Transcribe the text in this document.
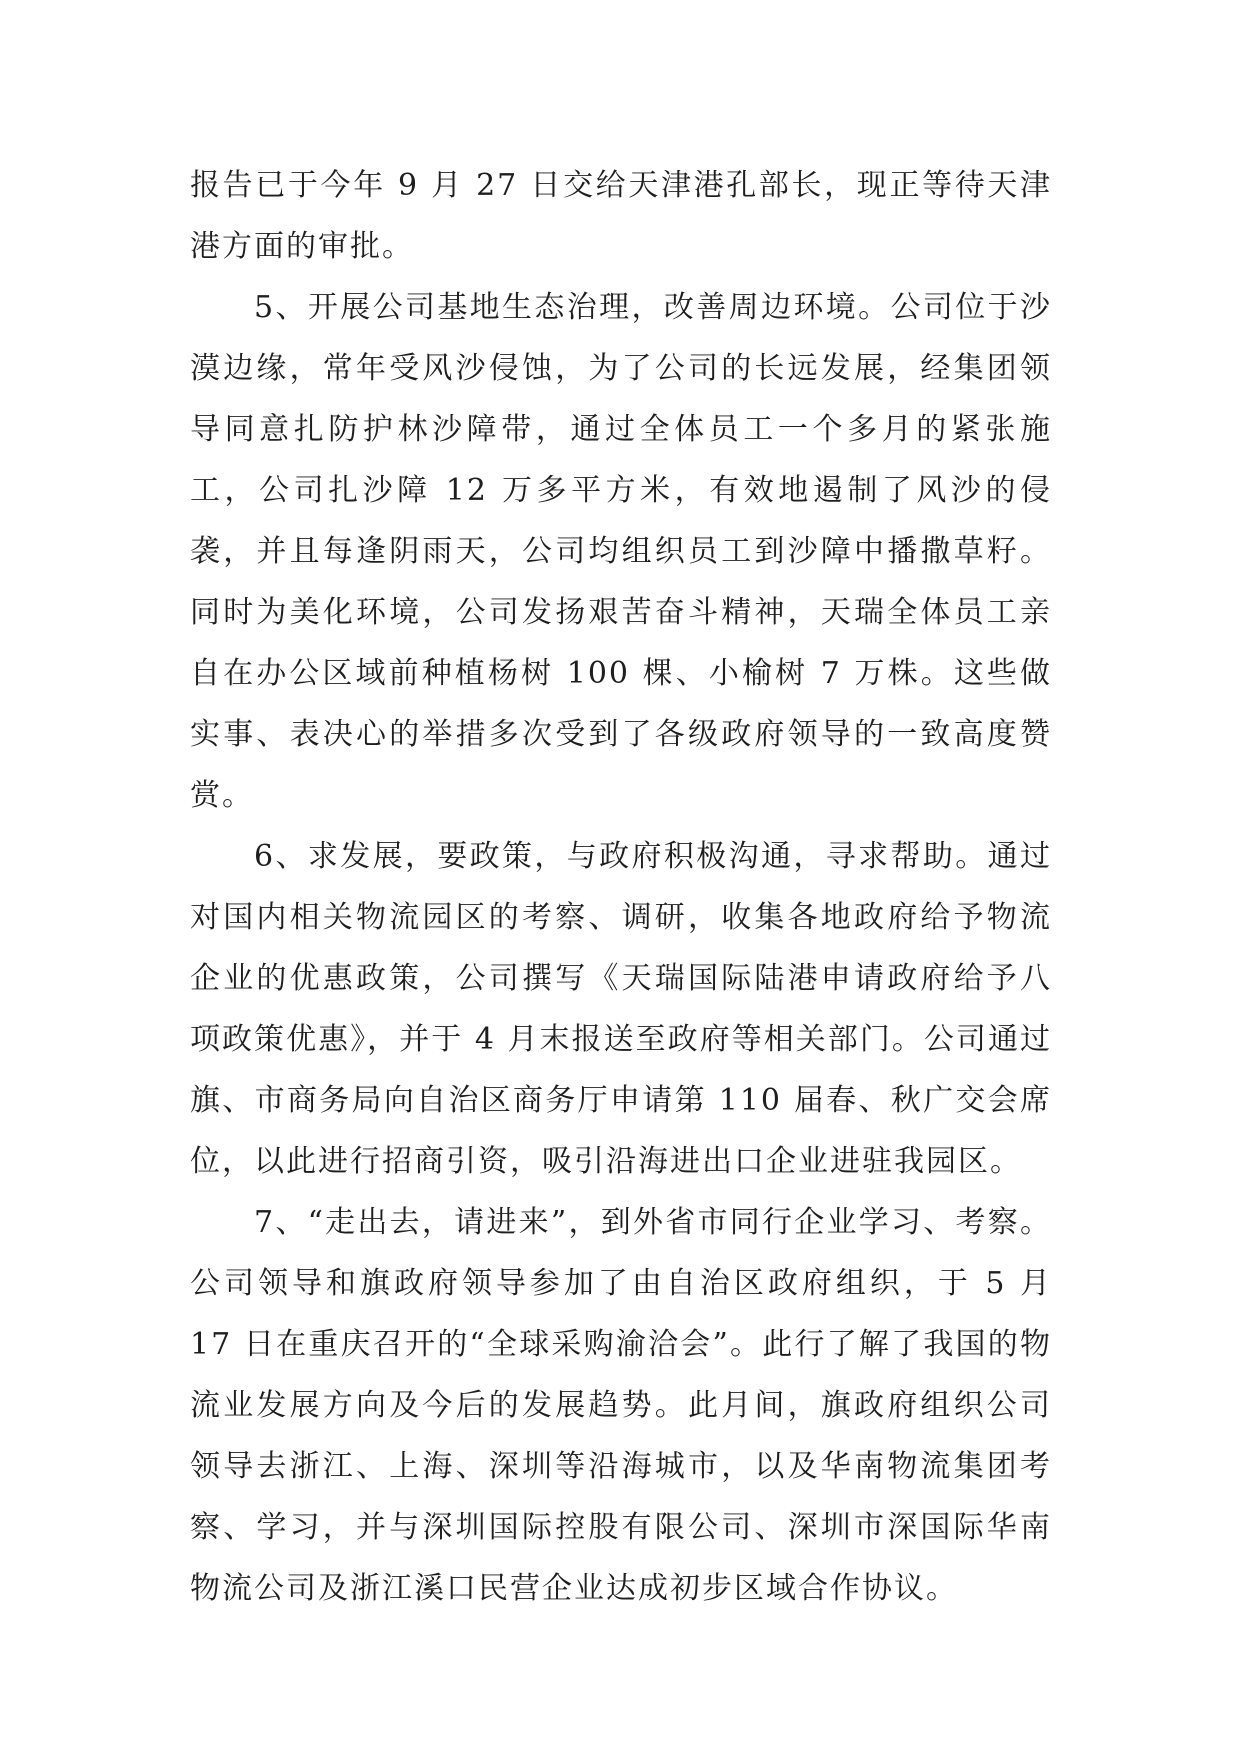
报告已于今年 9 月 27 日交给天津港孔部长，现正等待天津港方面的审批。

5、开展公司基地生态治理，改善周边环境。公司位于沙漠边缘，常年受风沙侵蚀，为了公司的长远发展，经集团领导同意扎防护林沙障带，通过全体员工一个多月的紧张施工，公司扎沙障 12 万多平方米，有效地遏制了风沙的侵袭，并且每逢阴雨天，公司均组织员工到沙障中播撒草籽。同时为美化环境，公司发扬艰苦奋斗精神，天瑞全体员工亲自在办公区域前种植杨树 100 棵、小榆树 7 万株。这些做实事、表决心的举措多次受到了各级政府领导的一致高度赞赏。

6、求发展，要政策，与政府积极沟通，寻求帮助。通过对国内相关物流园区的考察、调研，收集各地政府给予物流企业的优惠政策，公司撰写《天瑞国际陆港申请政府给予八项政策优惠》，并于 4 月末报送至政府等相关部门。公司通过旗、市商务局向自治区商务厅申请第 110 届春、秋广交会席位，以此进行招商引资，吸引沿海进出口企业进驻我园区。

7、“走出去，请进来”，到外省市同行企业学习、考察。公司领导和旗政府领导参加了由自治区政府组织，于 5 月 17 日在重庆召开的“全球采购渝洽会”。此行了解了我国的物流业发展方向及今后的发展趋势。此月间，旗政府组织公司领导去浙江、上海、深圳等沿海城市，以及华南物流集团考察、学习，并与深圳国际控股有限公司、深圳市深国际华南物流公司及浙江溪口民营企业达成初步区域合作协议。
